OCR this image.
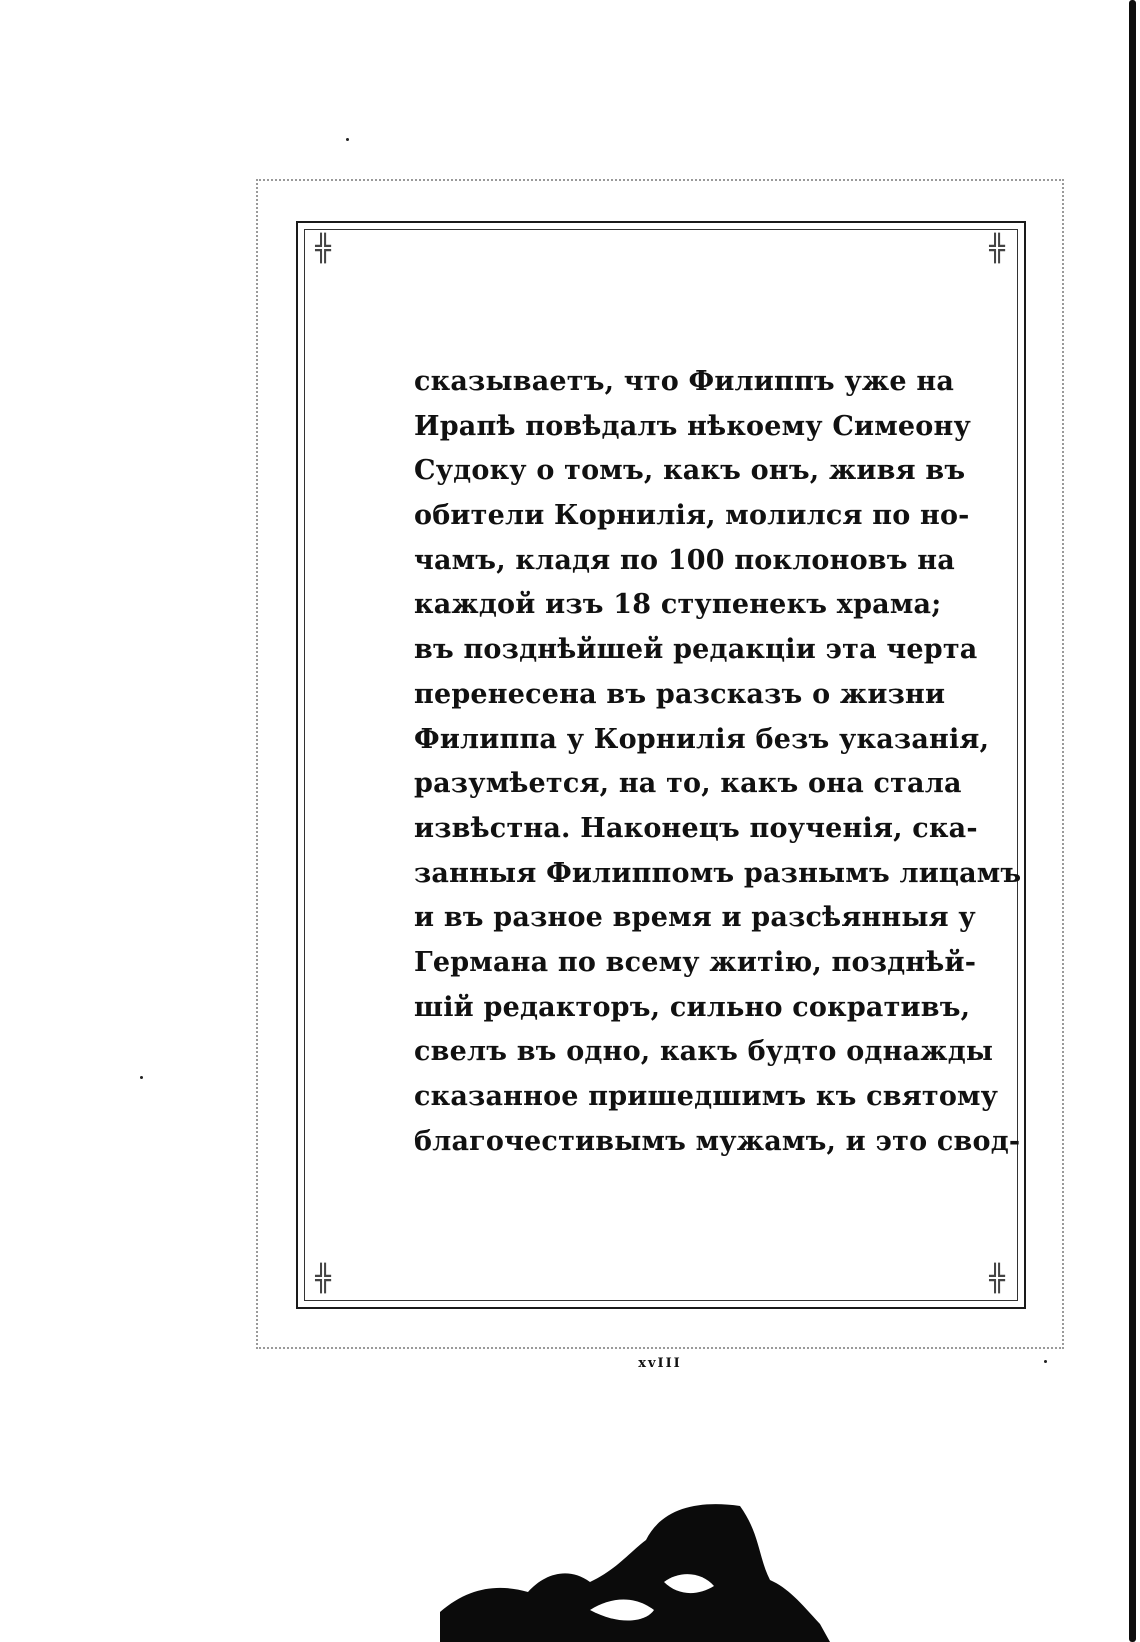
╬	╬
╬	╬
сказываетъ, что Филиппъ уже на
Ирапѣ повѣдалъ нѣкоему Симеону
Судоку о томъ, какъ онъ, живя въ
обители Корнилія, молился по но-
чамъ, кладя по 100 поклоновъ на
каждой изъ 18 ступенекъ храма;
въ позднѣйшей редакціи эта черта
перенесена въ разсказъ о жизни
Филиппа у Корнилія безъ указанія,
разумѣется, на то, какъ она стала
извѣстна. Наконецъ поученія, ска-
занныя Филиппомъ разнымъ лицамъ
и въ разное время и разсѣянныя у
Германа по всему житію, позднѣй-
шій редакторъ, сильно сокративъ,
свелъ въ одно, какъ будто однажды
сказанное пришедшимъ къ святому
благочестивымъ мужамъ, и это свод-
xvIII
